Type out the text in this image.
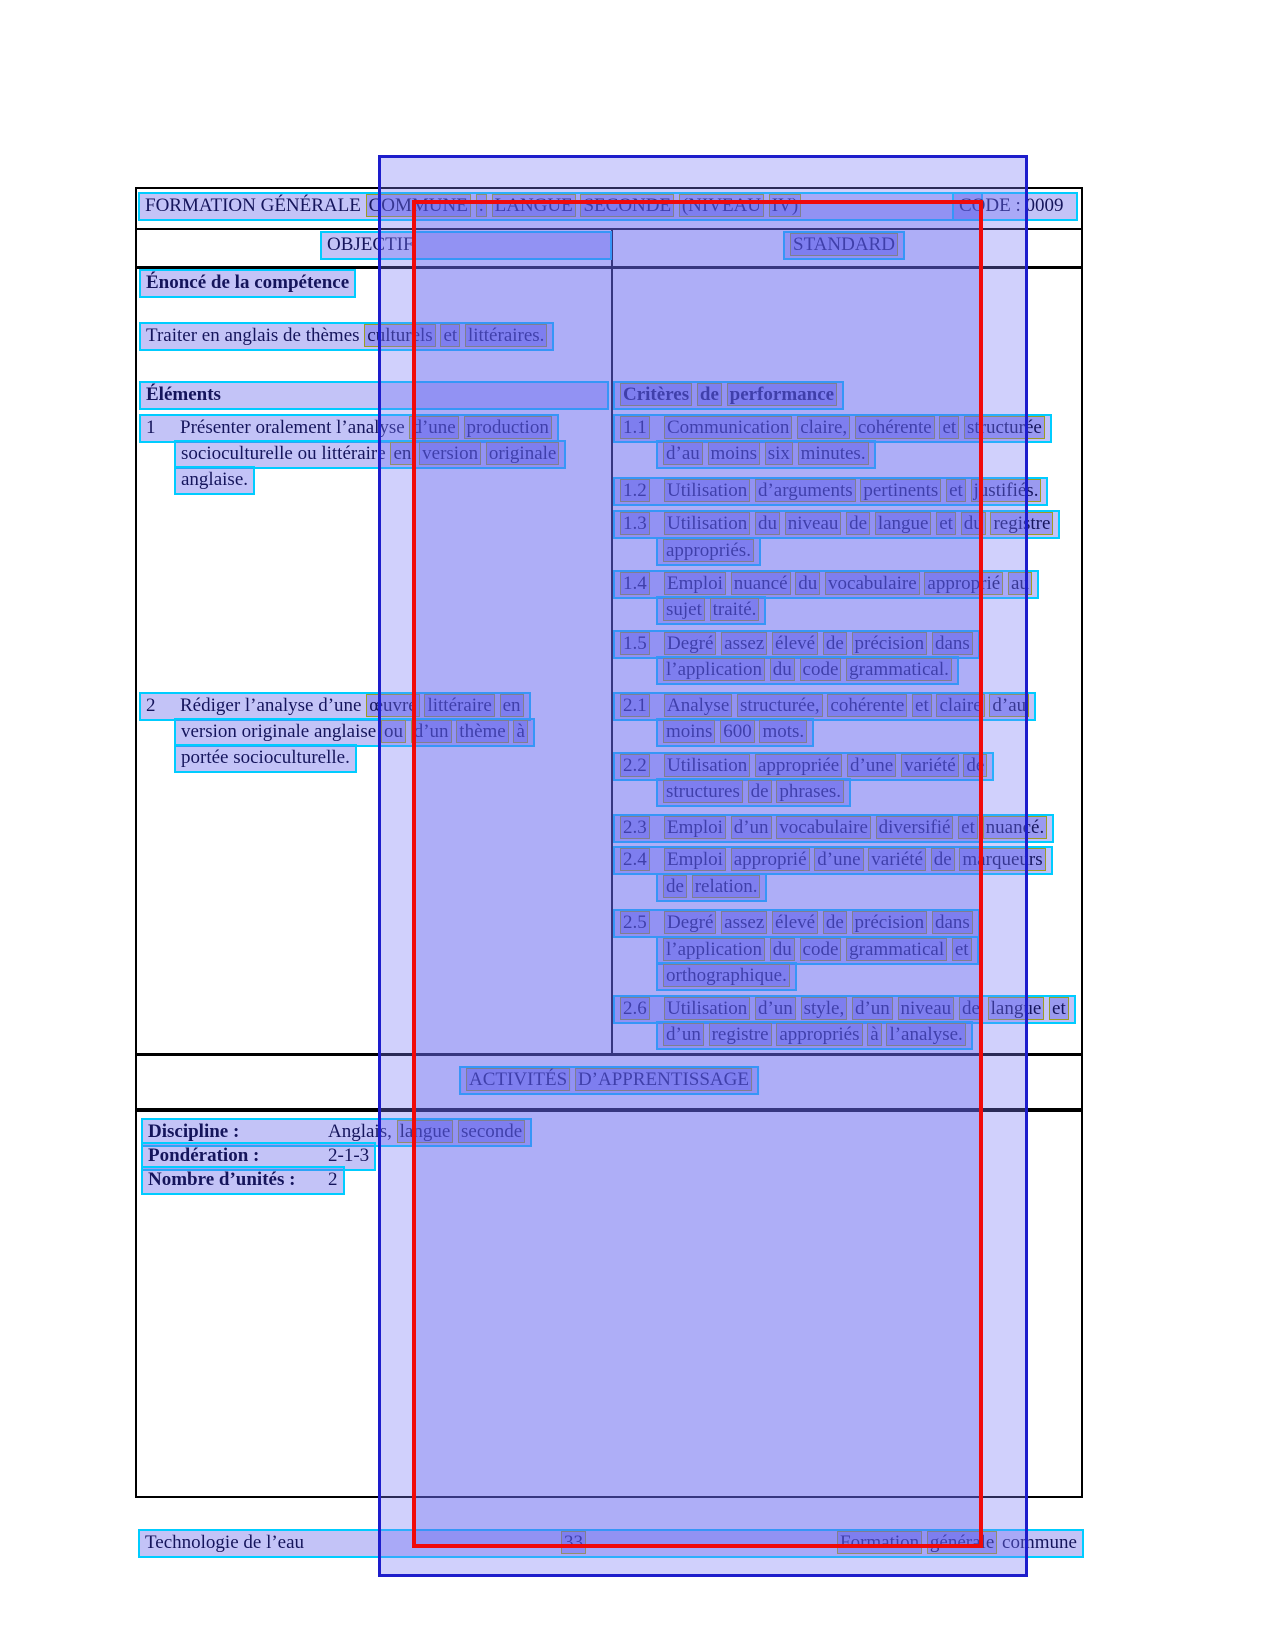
FORMATION GÉNÉRALE COMMUNE : LANGUE SECONDE (NIVEAU IV)	CODE : 0009
OBJECTIF	STANDARD
Énoncé de la compétence
Traiter en anglais de thèmes culturels et littéraires.
Éléments	Critères de performance
1 Présenter oralement l’analyse d’une production
socioculturelle ou littéraire en version originale
anglaise.
1.1 Communication claire, cohérente et structurée
d’au moins six minutes.
1.2 Utilisation d’arguments pertinents et justifiés.
1.3 Utilisation du niveau de langue et du registre
appropriés.
1.4 Emploi nuancé du vocabulaire approprié au
sujet traité.
1.5 Degré assez élevé de précision dans
l’application du code grammatical.
2 Rédiger l’analyse d’une œuvre littéraire en
version originale anglaise ou d’un thème à
portée socioculturelle.
2.1 Analyse structurée, cohérente et claire d’au
moins 600 mots.
2.2 Utilisation appropriée d’une variété de
structures de phrases.
2.3 Emploi d’un vocabulaire diversifié et nuancé.
2.4 Emploi approprié d’une variété de marqueurs
de relation.
2.5 Degré assez élevé de précision dans
l’application du code grammatical et
orthographique.
2.6 Utilisation d’un style, d’un niveau de langue et
d’un registre appropriés à l’analyse.
ACTIVITÉS D’APPRENTISSAGE
Discipline :	Anglais, langue seconde
Pondération :	2-1-3
Nombre d’unités : 2
Technologie de l’eau	33	Formation générale commune
